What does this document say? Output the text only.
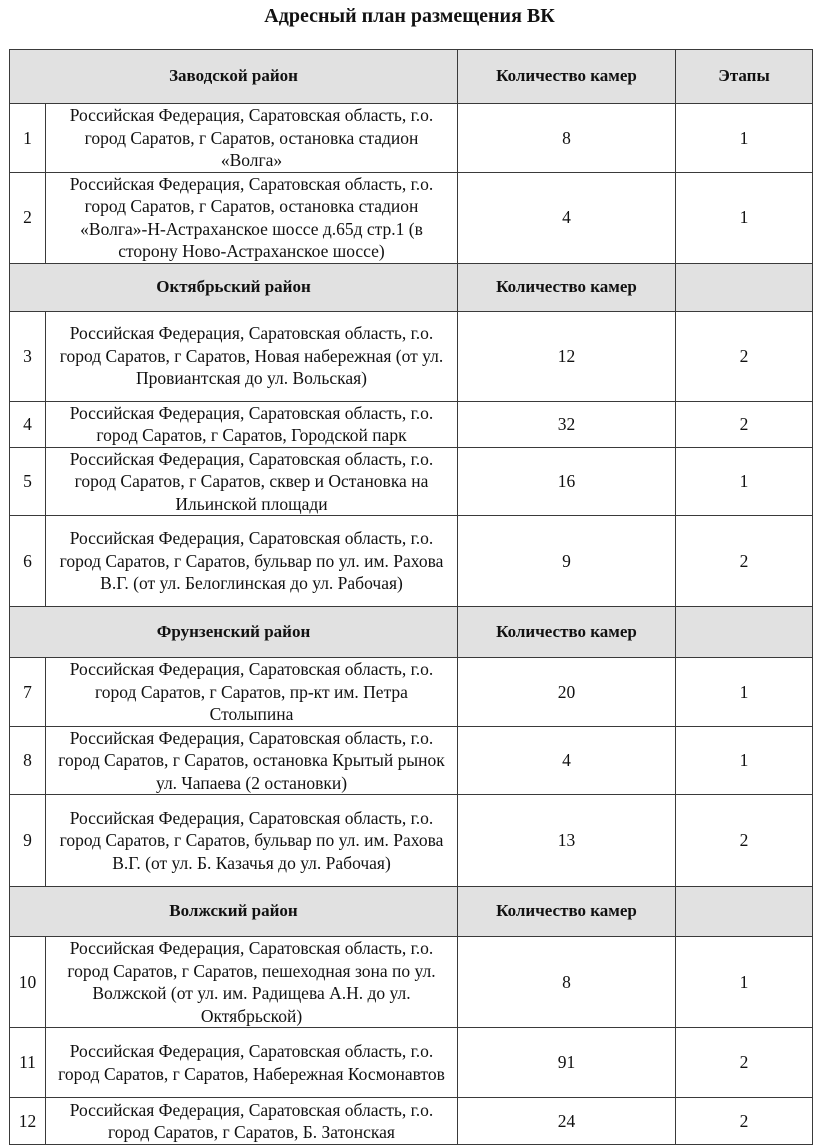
Адресный план размещения ВК
Заводской район		Количество камер	Этапы
1	Российская Федерация, Саратовская область, г.о. город Саратов, г Саратов, остановка стадион «Волга»	8	1
2	Российская Федерация, Саратовская область, г.о. город Саратов, г Саратов, остановка стадион «Волга»-Н-Астраханское шоссе д.65д стр.1 (в сторону Ново-Астраханское шоссе)	4	1
Октябрьский район		Количество камер	
3	Российская Федерация, Саратовская область, г.о. город Саратов, г Саратов, Новая набережная (от ул. Провиантская до ул. Вольская)	12	2
4	Российская Федерация, Саратовская область, г.о. город Саратов, г Саратов, Городской парк	32	2
5	Российская Федерация, Саратовская область, г.о. город Саратов, г Саратов, сквер и Остановка на Ильинской площади	16	1
6	Российская Федерация, Саратовская область, г.о. город Саратов, г Саратов, бульвар по ул. им. Рахова В.Г. (от ул. Белоглинская до ул. Рабочая)	9	2
Фрунзенский район		Количество камер	
7	Российская Федерация, Саратовская область, г.о. город Саратов, г Саратов, пр-кт им. Петра Столыпина	20	1
8	Российская Федерация, Саратовская область, г.о. город Саратов, г Саратов, остановка Крытый рынок ул. Чапаева (2 остановки)	4	1
9	Российская Федерация, Саратовская область, г.о. город Саратов, г Саратов, бульвар по ул. им. Рахова В.Г. (от ул. Б. Казачья до ул. Рабочая)	13	2
Волжский район		Количество камер	
10	Российская Федерация, Саратовская область, г.о. город Саратов, г Саратов, пешеходная зона по ул. Волжской (от ул. им. Радищева А.Н. до ул. Октябрьской)	8	1
11	Российская Федерация, Саратовская область, г.о. город Саратов, г Саратов, Набережная Космонавтов	91	2
12	Российская Федерация, Саратовская область, г.о. город Саратов, г Саратов, Б. Затонская	24	2
